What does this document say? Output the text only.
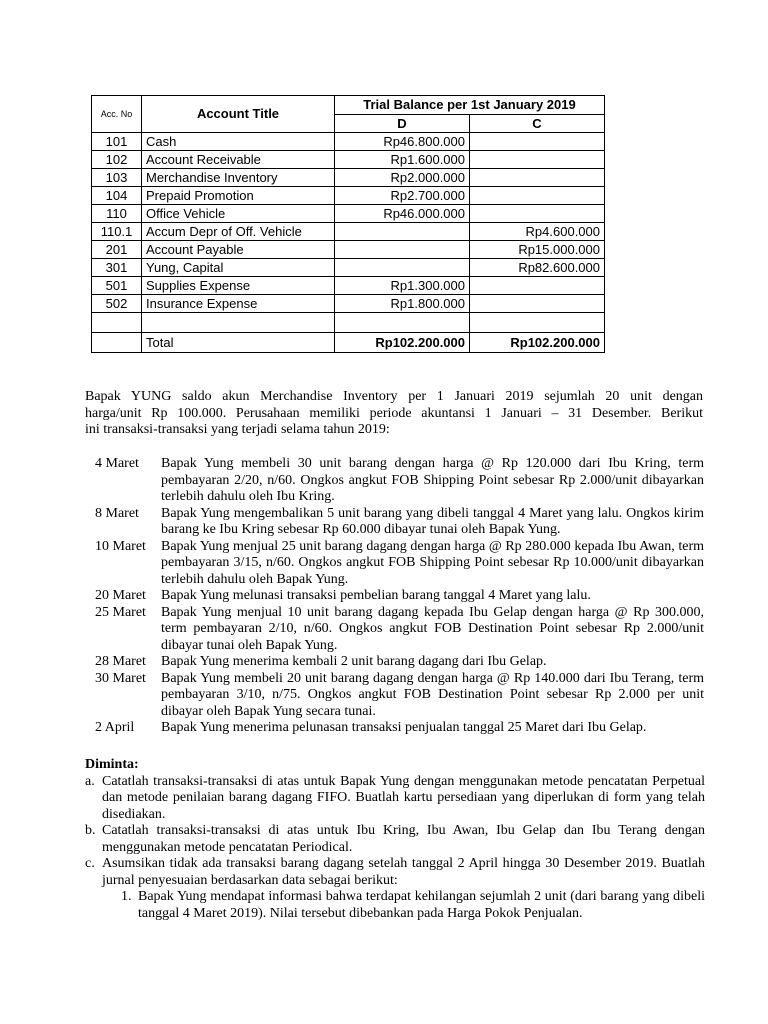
Acc. No	Account Title	Trial Balance per 1st January 2019	
		D	C
101	Cash	Rp46.800.000	
102	Account Receivable	Rp1.600.000	
103	Merchandise Inventory	Rp2.000.000	
104	Prepaid Promotion	Rp2.700.000	
110	Office Vehicle	Rp46.000.000	
110.1	Accum Depr of Off. Vehicle		Rp4.600.000
201	Account Payable		Rp15.000.000
301	Yung, Capital		Rp82.600.000
501	Supplies Expense	Rp1.300.000	
502	Insurance Expense	Rp1.800.000	

	Total	Rp102.200.000	Rp102.200.000

Bapak YUNG saldo akun Merchandise Inventory per 1 Januari 2019 sejumlah 20 unit dengan
harga/unit Rp 100.000. Perusahaan memiliki periode akuntansi 1 Januari – 31 Desember. Berikut
ini transaksi-transaksi yang terjadi selama tahun 2019:

4 Maret	Bapak Yung membeli 30 unit barang dengan harga @ Rp 120.000 dari Ibu Kring, term pembayaran 2/20, n/60. Ongkos angkut FOB Shipping Point sebesar Rp 2.000/unit dibayarkan terlebih dahulu oleh Ibu Kring.
8 Maret	Bapak Yung mengembalikan 5 unit barang yang dibeli tanggal 4 Maret yang lalu. Ongkos kirim barang ke Ibu Kring sebesar Rp 60.000 dibayar tunai oleh Bapak Yung.
10 Maret	Bapak Yung menjual 25 unit barang dagang dengan harga @ Rp 280.000 kepada Ibu Awan, term pembayaran 3/15, n/60. Ongkos angkut FOB Shipping Point sebesar Rp 10.000/unit dibayarkan terlebih dahulu oleh Bapak Yung.
20 Maret	Bapak Yung melunasi transaksi pembelian barang tanggal 4 Maret yang lalu.
25 Maret	Bapak Yung menjual 10 unit barang dagang kepada Ibu Gelap dengan harga @ Rp 300.000, term pembayaran 2/10, n/60. Ongkos angkut FOB Destination Point sebesar Rp 2.000/unit dibayar tunai oleh Bapak Yung.
28 Maret	Bapak Yung menerima kembali 2 unit barang dagang dari Ibu Gelap.
30 Maret	Bapak Yung membeli 20 unit barang dagang dengan harga @ Rp 140.000 dari Ibu Terang, term pembayaran 3/10, n/75. Ongkos angkut FOB Destination Point sebesar Rp 2.000 per unit dibayar oleh Bapak Yung secara tunai.
2 April	Bapak Yung menerima pelunasan transaksi penjualan tanggal 25 Maret dari Ibu Gelap.
Diminta:
a. Catatlah transaksi-transaksi di atas untuk Bapak Yung dengan menggunakan metode pencatatan Perpetual dan metode penilaian barang dagang FIFO. Buatlah kartu persediaan yang diperlukan di form yang telah disediakan.
b. Catatlah transaksi-transaksi di atas untuk Ibu Kring, Ibu Awan, Ibu Gelap dan Ibu Terang dengan menggunakan metode pencatatan Periodical.
c. Asumsikan tidak ada transaksi barang dagang setelah tanggal 2 April hingga 30 Desember 2019. Buatlah jurnal penyesuaian berdasarkan data sebagai berikut:
1. Bapak Yung mendapat informasi bahwa terdapat kehilangan sejumlah 2 unit (dari barang yang dibeli tanggal 4 Maret 2019). Nilai tersebut dibebankan pada Harga Pokok Penjualan.
